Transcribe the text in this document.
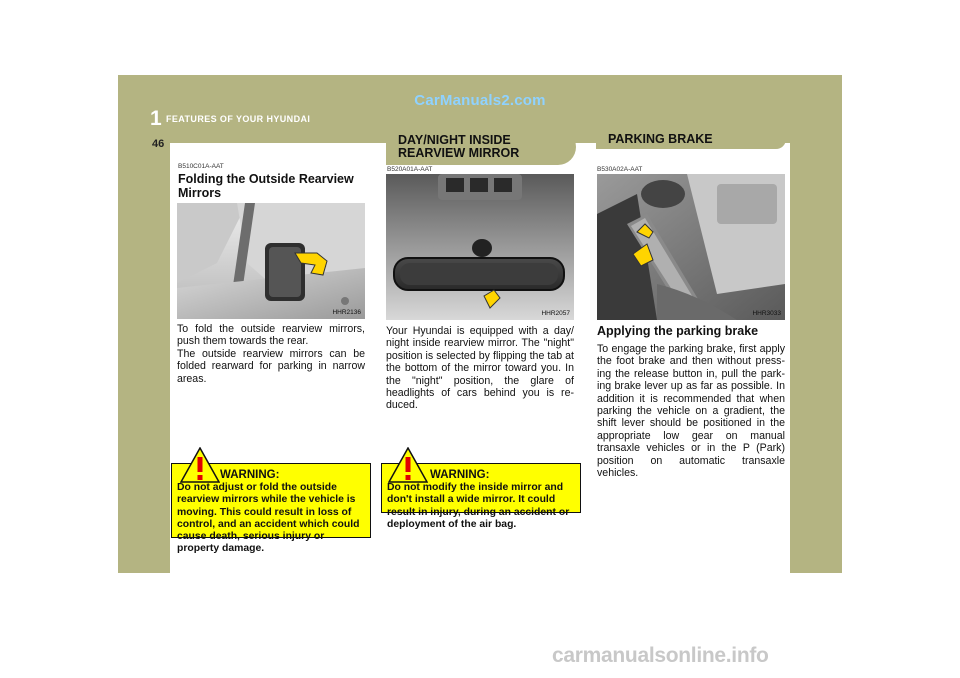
CarManuals2.com
1 FEATURES OF YOUR HYUNDAI
46
B510C01A-AAT
Folding the Outside Rearview Mirrors
HHR2136
To fold the outside rearview mirrors, push them towards the rear.
The outside rearview mirrors can be folded rearward for parking in narrow areas.
WARNING:
Do not adjust or fold the outside rearview mirrors while the vehicle is moving. This could result in loss of control, and an accident which could cause death, serious injury or property damage.
DAY/NIGHT INSIDE REARVIEW MIRROR
B520A01A-AAT
HHR2057
Your Hyundai is equipped with a day/ night inside rearview mirror. The "night" position is selected by flipping the tab at the bottom of the mirror toward you. In the "night" position, the glare of headlights of cars behind you is re- duced.
WARNING:
Do not modify the inside mirror and don't install a wide mirror. It could result in injury, during an accident or deployment of the air bag.
PARKING BRAKE
B530A02A-AAT
HHR3033
Applying the parking brake
To engage the parking brake, first apply the foot brake and then without press- ing the release button in, pull the park- ing brake lever up as far as possible. In addition it is recommended that when parking the vehicle on a gradient, the shift lever should be positioned in the appropriate low gear on manual transaxle vehicles or in the P (Park) position on automatic transaxle vehicles.
carmanualsonline.info
